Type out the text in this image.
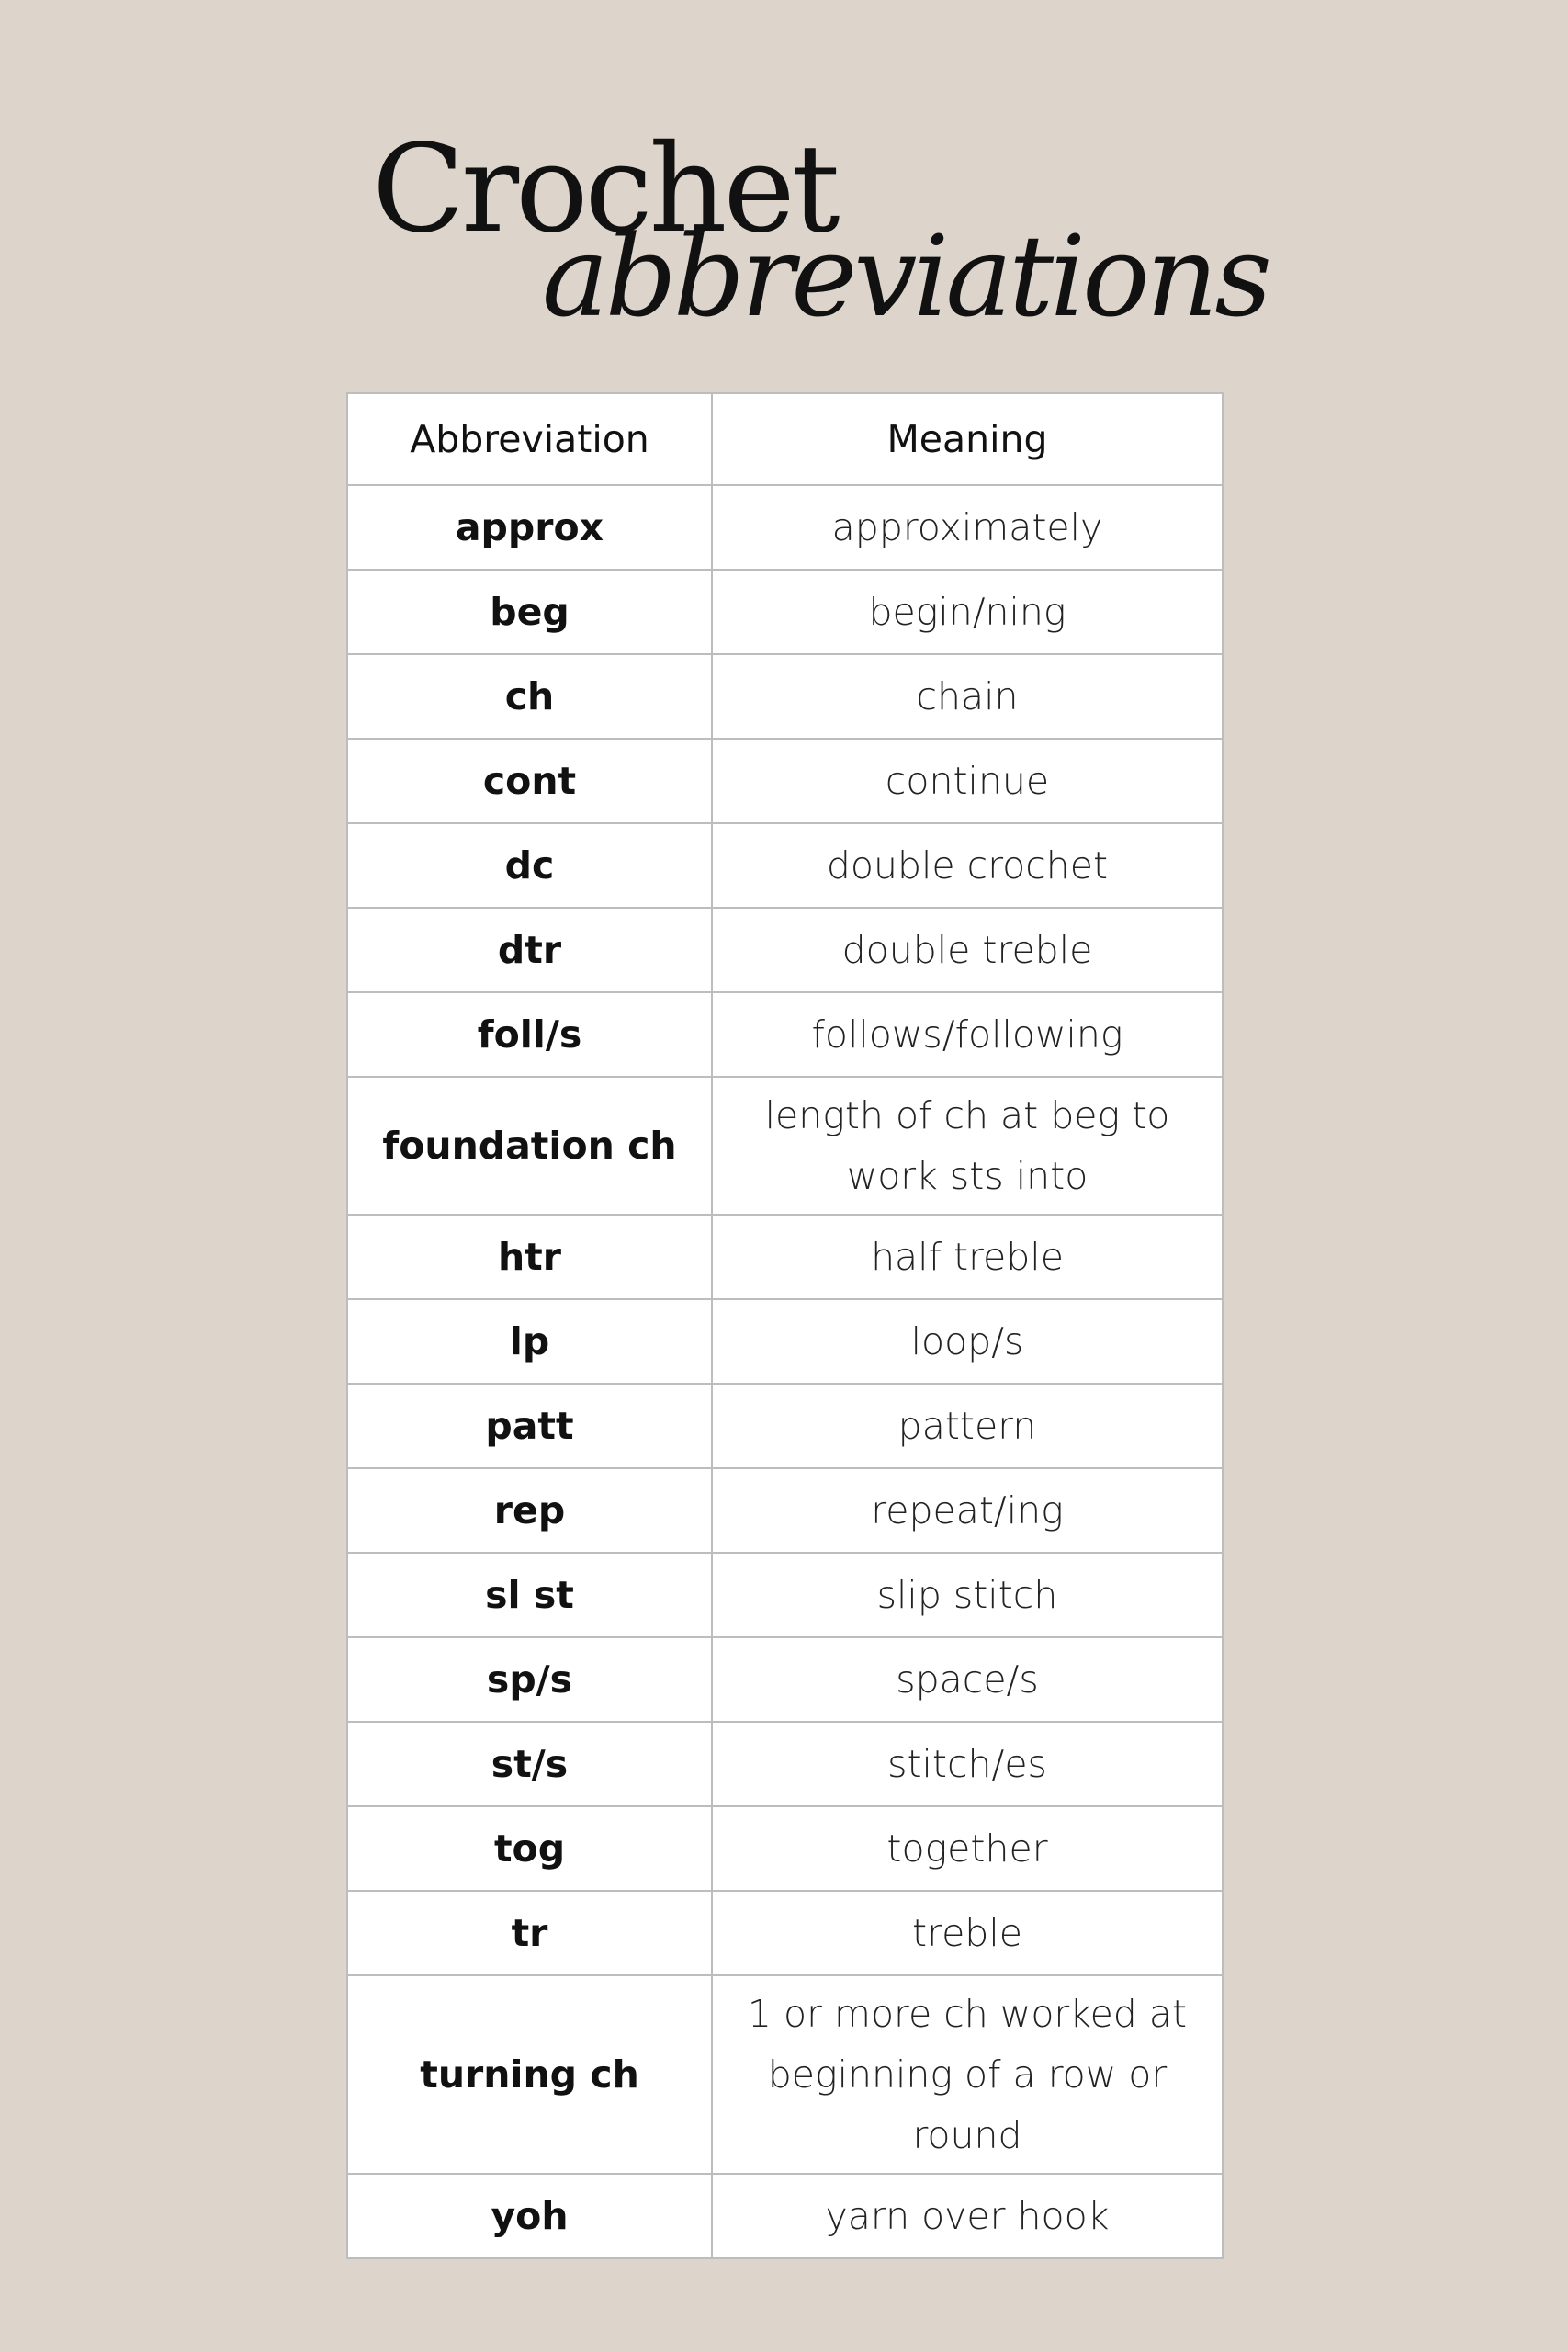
Crochet
abbreviations
Abbreviation	Meaning
approx	approximately
beg	begin/ning
ch	chain
cont	continue
dc	double crochet
dtr	double treble
foll/s	follows/following
foundation ch	length of ch at beg to work sts into
htr	half treble
lp	loop/s
patt	pattern
rep	repeat/ing
sl st	slip stitch
sp/s	space/s
st/s	stitch/es
tog	together
tr	treble
turning ch	1 or more ch worked at beginning of a row or round
yoh	yarn over hook
